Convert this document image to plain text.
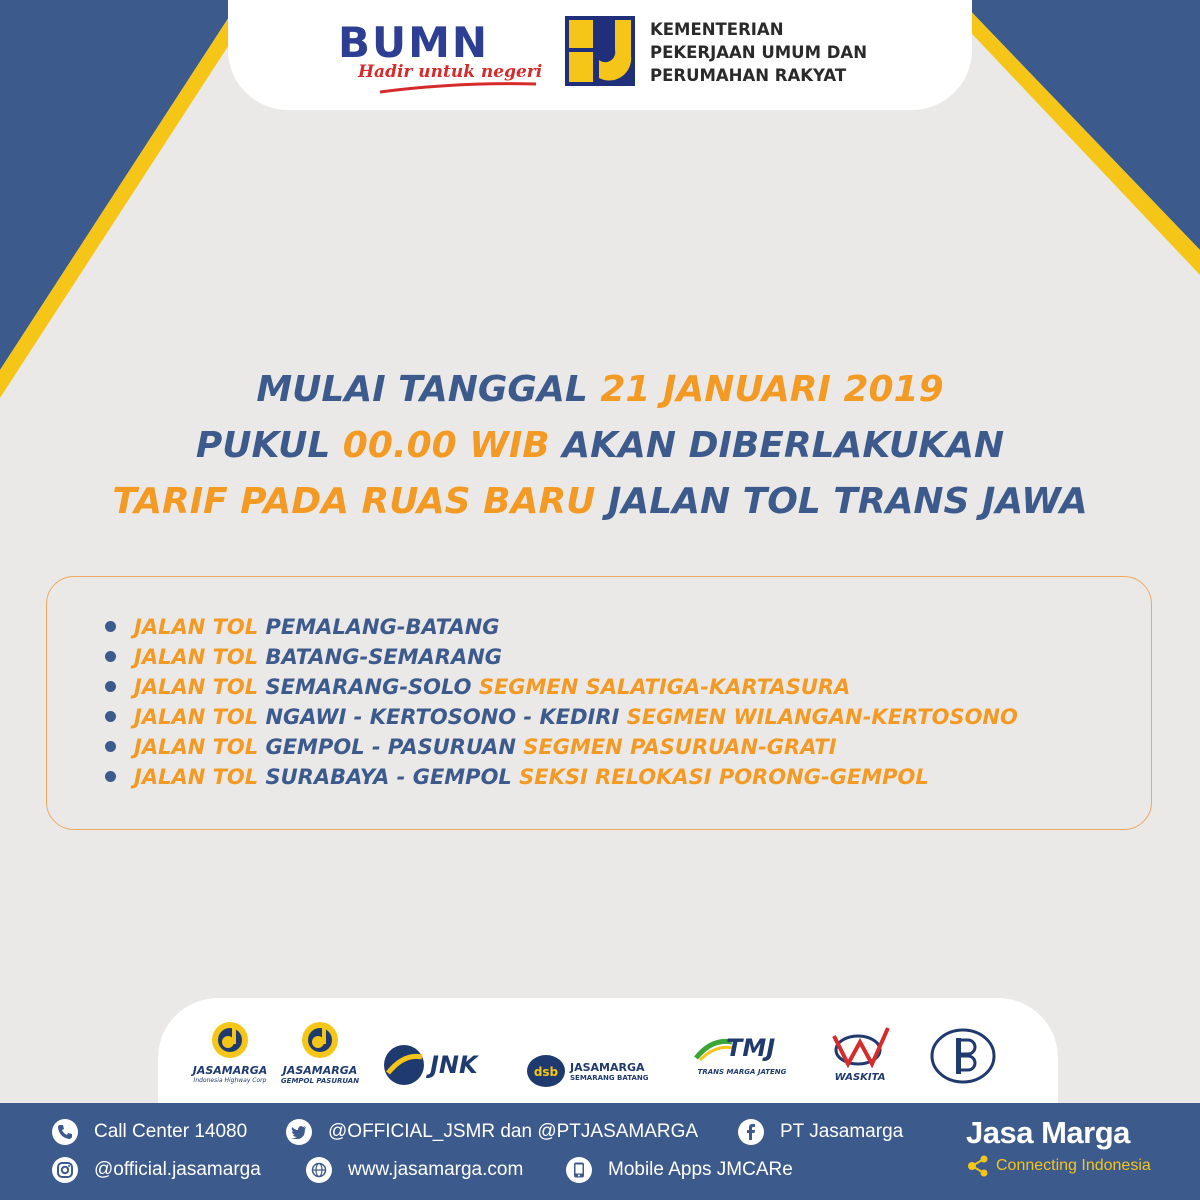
BUMN
Hadir untuk negeri
KEMENTERIAN
PEKERJAAN UMUM DAN
PERUMAHAN RAKYAT
MULAI TANGGAL 21 JANUARI 2019
PUKUL 00.00 WIB AKAN DIBERLAKUKAN
TARIF PADA RUAS BARU JALAN TOL TRANS JAWA
JALAN TOL PEMALANG-BATANG
JALAN TOL BATANG-SEMARANG
JALAN TOL SEMARANG-SOLO SEGMEN SALATIGA-KARTASURA
JALAN TOL NGAWI - KERTOSONO - KEDIRI SEGMEN WILANGAN-KERTOSONO
JALAN TOL GEMPOL - PASURUAN SEGMEN PASURUAN-GRATI
JALAN TOL SURABAYA - GEMPOL SEKSI RELOKASI PORONG-GEMPOL
JASAMARGA
Indonesia Highway Corp
JASAMARGA
GEMPOL PASURUAN
JNK	dsb JASAMARGA
SEMARANG BATANG
TMJ
TRANS MARGA JATENG	WASKITA
Call Center 14080	@OFFICIAL_JSMR dan @PTJASAMARGA	PT Jasamarga
@official.jasamarga	www.jasamarga.com	Mobile Apps JMCARe
Jasa Marga
Connecting Indonesia
